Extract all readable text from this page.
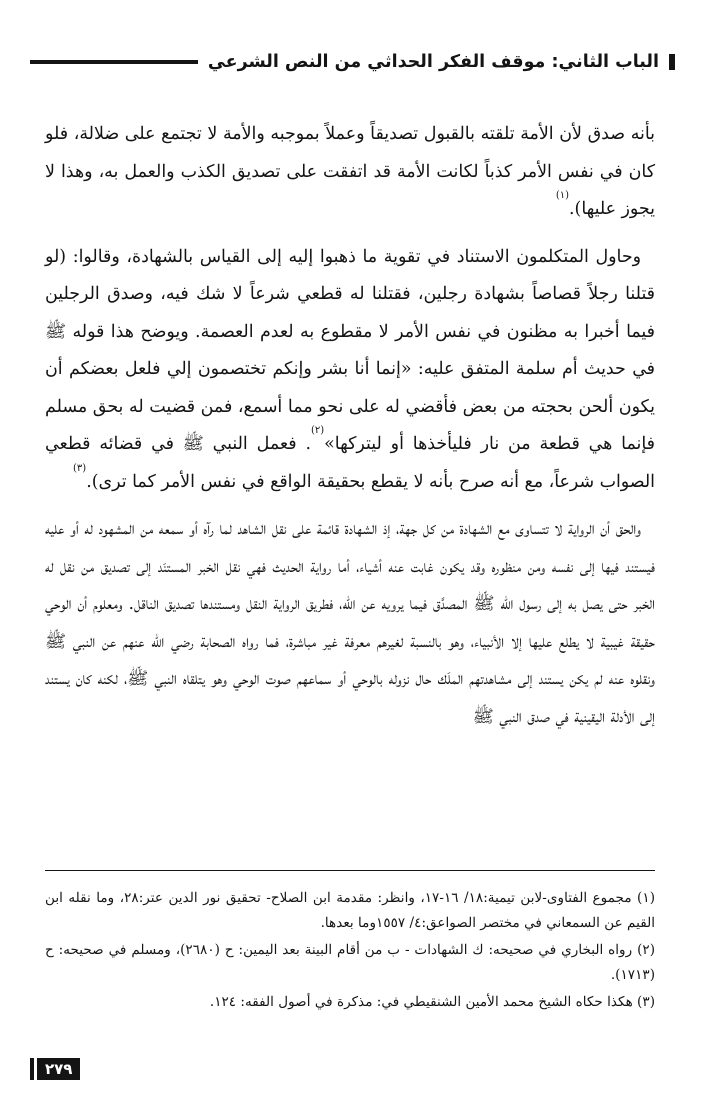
الباب الثاني: موقف الفكر الحداثي من النص الشرعي

بأنه صدق لأن الأمة تلقته بالقبول تصديقاً وعملاً بموجبه والأمة لا تجتمع على ضلالة، فلو كان في نفس الأمر كذباً لكانت الأمة قد اتفقت على تصديق الكذب والعمل به، وهذا لا يجوز عليها).$^{(١)}$

وحاول المتكلمون الاستناد في تقوية ما ذهبوا إليه إلى القياس بالشهادة، وقالوا: (لو قتلنا رجلاً قصاصاً بشهادة رجلين، فقتلنا له قطعي شرعاً لا شك فيه، وصدق الرجلين فيما أخبرا به مظنون في نفس الأمر لا مقطوع به لعدم العصمة. ويوضح هذا قوله ﷺ في حديث أم سلمة المتفق عليه: «إنما أنا بشر وإنكم تختصمون إلي فلعل بعضكم أن يكون ألحن بحجته من بعض فأقضي له على نحو مما أسمع، فمن قضيت له بحق مسلم فإنما هي قطعة من نار فليأخذها أو ليتركها»$^{(٢)}$. فعمل النبي ﷺ في قضائه قطعي الصواب شرعاً، مع أنه صرح بأنه لا يقطع بحقيقة الواقع في نفس الأمر كما ترى).$^{(٣)}$

والحق أن الرواية لا تتساوى مع الشهادة من كل جهة، إذ الشهادة قائمة على نقل الشاهد لما رآه أو سمعه من المشهود له أو عليه فيستند فيها إلى نفسه ومن منظوره وقد يكون غابت عنه أشياء، أما رواية الحديث فهي نقل الخبر المستنَد إلى تصديق من نقل له الخبر حتى يصل به إلى رسول الله ﷺ المصدَّق فيما يرويه عن الله، فطريق الرواية النقل ومستندها تصديق الناقل. ومعلوم أن الوحي حقيقة غيبية لا يطلع عليها إلا الأنبياء، وهو بالنسبة لغيرهم معرفة غير مباشرة، فما رواه الصحابة رضي الله عنهم عن النبي ﷺ ونقلوه عنه لم يكن يستند إلى مشاهدتهم الملَك حال نزوله بالوحي أو سماعهم صوت الوحي وهو يتلقاه النبي ﷺ، لكنه كان يستند إلى الأدلة اليقينية في صدق النبي ﷺ

(١) مجموع الفتاوى-لابن تيمية:١٨/ ١٦-١٧، وانظر: مقدمة ابن الصلاح- تحقيق نور الدين عتر:٢٨، وما نقله ابن القيم عن السمعاني في مختصر الصواعق:٤/ ١٥٥٧وما بعدها.

(٢) رواه البخاري في صحيحه: ك الشهادات - ب من أقام البينة بعد اليمين: ح (٢٦٨٠)، ومسلم في صحيحه: ح (١٧١٣).

(٣) هكذا حكاه الشيخ محمد الأمين الشنقيطي في: مذكرة في أصول الفقه: ١٢٤.

٢٧٩
